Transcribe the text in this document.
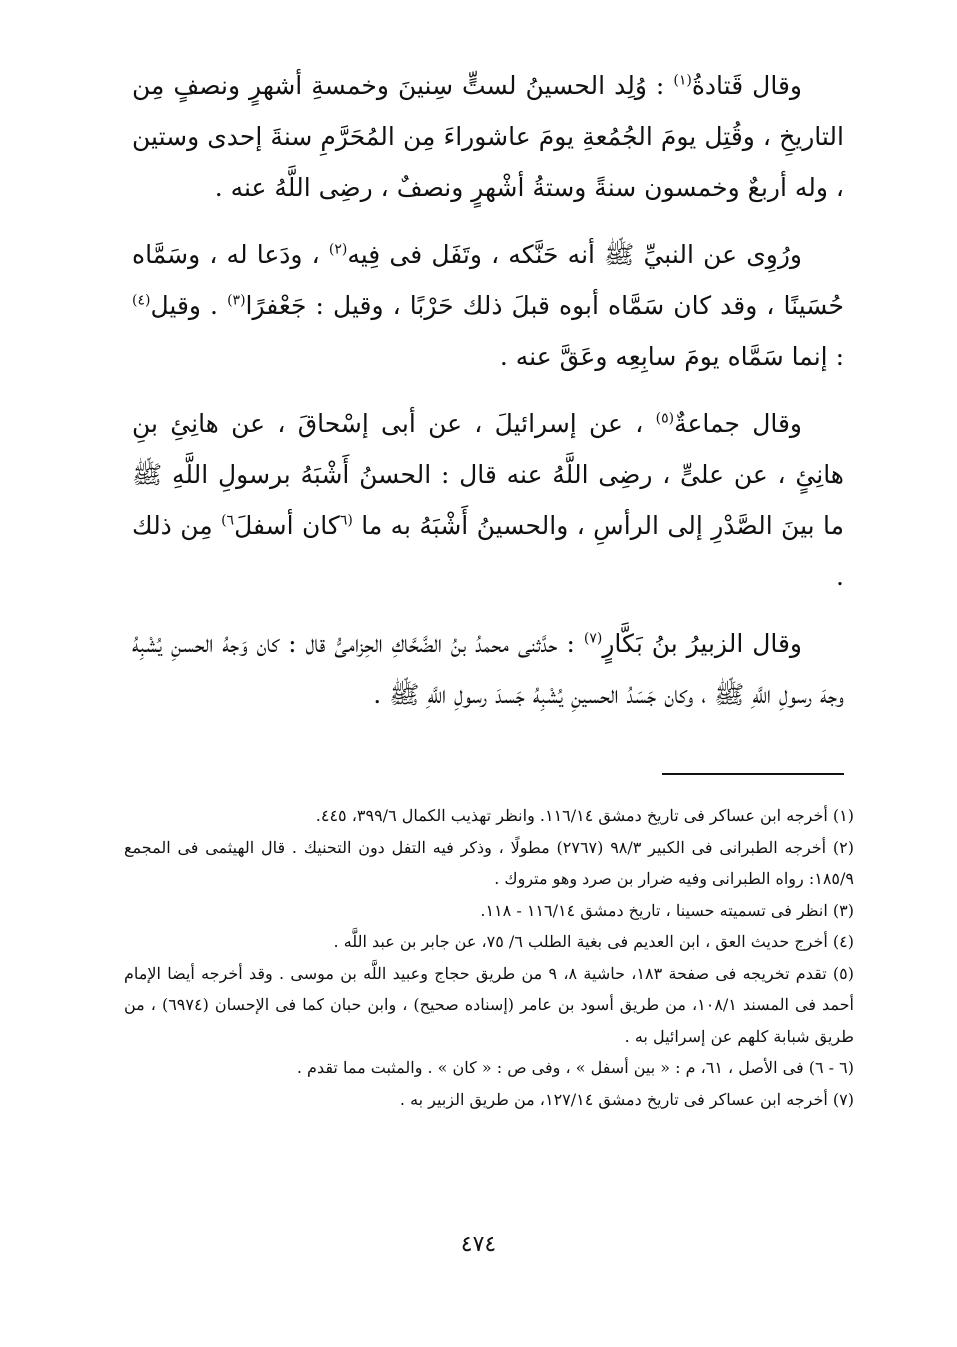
وقال قَتادةُ$^{(١)}$ : وُلِد الحسينُ لستٍّ سِنينَ وخمسةِ أشهرٍ ونصفٍ مِن التاريخِ ، وقُتِل يومَ الجُمُعةِ يومَ عاشوراءَ مِن المُحَرَّمِ سنةَ إحدى وستين ، وله أربعٌ وخمسون سنةً وستةُ أشْهرٍ ونصفٌ ، رضِى اللَّهُ عنه .

ورُوِى عن النبيِّ ﷺ أنه حَنَّكه ، وتَفَل فى فِيه$^{(٢)}$ ، ودَعا له ، وسَمَّاه حُسَينًا ، وقد كان سَمَّاه أبوه قبلَ ذلك حَرْبًا ، وقيل : جَعْفرًا$^{(٣)}$ . وقيل$^{(٤)}$ : إنما سَمَّاه يومَ سابِعِه وعَقَّ عنه .

وقال جماعةٌ$^{(٥)}$ ، عن إسرائيلَ ، عن أبى إسْحاقَ ، عن هانِئِ بنِ هانِئٍ ، عن علىٍّ ، رضِى اللَّهُ عنه قال : الحسنُ أَشْبَهُ برسولِ اللَّهِ ﷺ ما بينَ الصَّدْرِ إلى الرأسِ ، والحسينُ أَشْبَهُ به ما $^{(٦}$كان أسفلَ$^{٦)}$ مِن ذلك .

وقال الزبيرُ بنُ بَكَّارٍ$^{(٧)}$ : حدَّثنى محمدُ بنُ الضَّحَّاكِ الحِزامىُّ قال : كان وَجهُ الحسنِ يُشْبِهُ وجهَ رسولِ اللَّهِ ﷺ ، وكان جَسَدُ الحسينِ يُشْبِهُ جَسدَ رسولِ اللَّهِ ﷺ .

(١) أخرجه ابن عساكر فى تاريخ دمشق ١١٦/١٤. وانظر تهذيب الكمال ٣٩٩/٦، ٤٤٥.

(٢) أخرجه الطبرانى فى الكبير ٩٨/٣ (٢٧٦٧) مطولًا ، وذكر فيه التفل دون التحنيك . قال الهيثمى فى المجمع ١٨٥/٩: رواه الطبرانى وفيه ضرار بن صرد وهو متروك .

(٣) انظر فى تسميته حسينا ، تاريخ دمشق ١١٦/١٤ - ١١٨.

(٤) أخرج حديث العق ، ابن العديم فى بغية الطلب ٦/ ٧٥، عن جابر بن عبد اللَّه .

(٥) تقدم تخريجه فى صفحة ١٨٣، حاشية ٨، ٩ من طريق حجاج وعبيد اللَّه بن موسى . وقد أخرجه أيضا الإمام أحمد فى المسند ١٠٨/١، من طريق أسود بن عامر (إسناده صحيح) ، وابن حبان كما فى الإحسان (٦٩٧٤) ، من طريق شبابة كلهم عن إسرائيل به .

(٦ - ٦) فى الأصل ، ٦١، م : « بين أسفل » ، وفى ص : « كان » . والمثبت مما تقدم .

(٧) أخرجه ابن عساكر فى تاريخ دمشق ١٢٧/١٤، من طريق الزبير به .

٤٧٤
